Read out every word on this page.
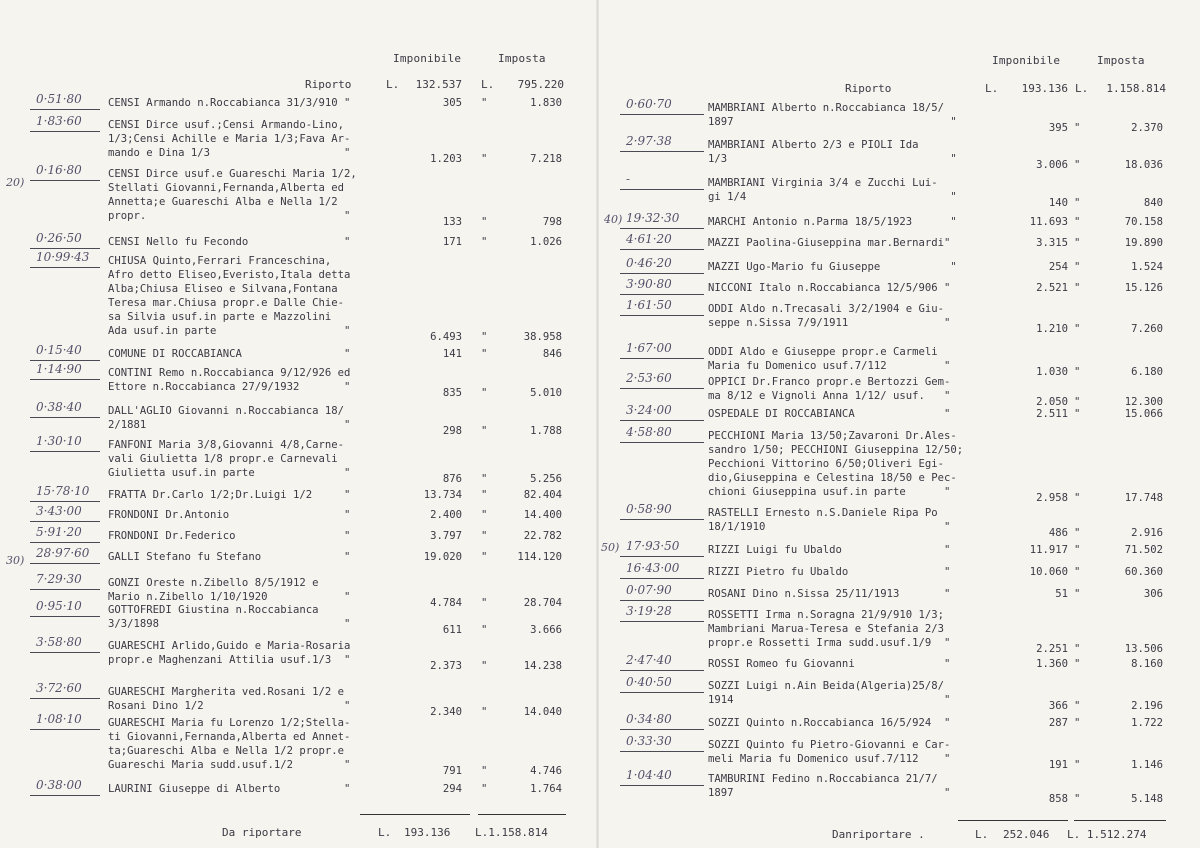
Imponibile	Imposta
Riporto	L.	132.537 L.	795.220
0·51·80 CENSI Armando n.Roccabianca 31/3/910 "	305 "	1.830
1·83·60 CENSI Dirce usuf.;Censi Armando-Lino,
1/3;Censi Achille e Maria 1/3;Fava Ar-
mando e Dina 1/3                     "	1.203 "	7.218
0·16·80 CENSI Dirce usuf.e Guareschi Maria 1/2,
Stellati Giovanni,Fernanda,Alberta ed
Annetta;e Guareschi Alba e Nella 1/2
propr.                               "	133 "	798
0·26·50 CENSI Nello fu Fecondo               "	171 "	1.026
10·99·43 CHIUSA Quinto,Ferrari Franceschina,
Afro detto Eliseo,Everisto,Itala detta
Alba;Chiusa Eliseo e Silvana,Fontana
Teresa mar.Chiusa propr.e Dalle Chie-
sa Silvia usuf.in parte e Mazzolini
Ada usuf.in parte                    "	6.493 "	38.958
0·15·40 COMUNE DI ROCCABIANCA                "	141 "	846
1·14·90 CONTINI Remo n.Roccabianca 9/12/926 ed
Ettore n.Roccabianca 27/9/1932       "	835 "	5.010
0·38·40 DALL'AGLIO Giovanni n.Roccabianca 18/
2/1881                               "	298 "	1.788
1·30·10 FANFONI Maria 3/8,Giovanni 4/8,Carne-
vali Giulietta 1/8 propr.e Carnevali
Giulietta usuf.in parte              "	876 "	5.256
15·78·10 FRATTA Dr.Carlo 1/2;Dr.Luigi 1/2     "	13.734 "	82.404
3·43·00 FRONDONI Dr.Antonio                  "	2.400 "	14.400
5·91·20 FRONDONI Dr.Federico                 "	3.797 "	22.782
28·97·60 GALLI Stefano fu Stefano             "	19.020 "	114.120
7·29·30 GONZI Oreste n.Zibello 8/5/1912 e
Mario n.Zibello 1/10/1920            "	4.784 "	28.704
0·95·10 GOTTOFREDI Giustina n.Roccabianca
3/3/1898                             "	611 "	3.666
3·58·80 GUARESCHI Arlido,Guido e Maria-Rosaria
propr.e Maghenzani Attilia usuf.1/3  "	2.373 "	14.238
3·72·60 GUARESCHI Margherita ved.Rosani 1/2 e
Rosani Dino 1/2                      "	2.340 "	14.040
1·08·10 GUARESCHI Maria fu Lorenzo 1/2;Stella-
ti Giovanni,Fernanda,Alberta ed Annet-
ta;Guareschi Alba e Nella 1/2 propr.e
Guareschi Maria sudd.usuf.1/2        "	791 "	4.746
0·38·00 LAURINI Giuseppe di Alberto          "	294 "	1.764
20)
30)
Da riportare	L. 193.136 L.1.158.814
Imponibile	Imposta
Riporto	L.	193.136 L.	1.158.814
0·60·70	MAMBRIANI Alberto n.Roccabianca 18/5/
1897                                  "	395 "	2.370
2·97·38	MAMBRIANI Alberto 2/3 e PIOLI Ida
1/3                                   "	3.006 "	18.036
-	MAMBRIANI Virginia 3/4 e Zucchi Lui-
gi 1/4                                "	140 "	840
19·32·30	MARCHI Antonio n.Parma 18/5/1923      "	11.693 "	70.158
4·61·20	MAZZI Paolina-Giuseppina mar.Bernardi"	3.315 "	19.890
0·46·20	MAZZI Ugo-Mario fu Giuseppe           "	254 "	1.524
3·90·80	NICCONI Italo n.Roccabianca 12/5/906 "	2.521 "	15.126
1·61·50	ODDI Aldo n.Trecasali 3/2/1904 e Giu-
seppe n.Sissa 7/9/1911               "	1.210 "	7.260
1·67·00	ODDI Aldo e Giuseppe propr.e Carmeli
Maria fu Domenico usuf.7/112         "	1.030 "	6.180
2·53·60	OPPICI Dr.Franco propr.e Bertozzi Gem-
ma 8/12 e Vignoli Anna 1/12/ usuf.   "	2.050 "	12.300
3·24·00	OSPEDALE DI ROCCABIANCA              "	2.511 "	15.066
4·58·80	PECCHIONI Maria 13/50;Zavaroni Dr.Ales-
sandro 1/50; PECCHIONI Giuseppina 12/50;
Pecchioni Vittorino 6/50;Oliveri Egi-
dio,Giuseppina e Celestina 18/50 e Pec-
chioni Giuseppina usuf.in parte      "	2.958 "	17.748
0·58·90	RASTELLI Ernesto n.S.Daniele Ripa Po
18/1/1910                            "	486 "	2.916
17·93·50	RIZZI Luigi fu Ubaldo                "	11.917 "	71.502
16·43·00	RIZZI Pietro fu Ubaldo               "	10.060 "	60.360
0·07·90	ROSANI Dino n.Sissa 25/11/1913       "	51 "	306
3·19·28	ROSSETTI Irma n.Soragna 21/9/910 1/3;
Mambriani Marua-Teresa e Stefania 2/3
propr.e Rossetti Irma sudd.usuf.1/9  "	2.251 "	13.506
2·47·40	ROSSI Romeo fu Giovanni              "	1.360 "	8.160
0·40·50	SOZZI Luigi n.Ain Beida(Algeria)25/8/
1914                                 "	366 "	2.196
0·34·80	SOZZI Quinto n.Roccabianca 16/5/924  "	287 "	1.722
0·33·30	SOZZI Quinto fu Pietro-Giovanni e Car-
meli Maria fu Domenico usuf.7/112    "	191 "	1.146
1·04·40	TAMBURINI Fedino n.Roccabianca 21/7/
1897                                 "	858 "	5.148
40)
50)
Danriportare .	L. 252.046 L. 1.512.274
